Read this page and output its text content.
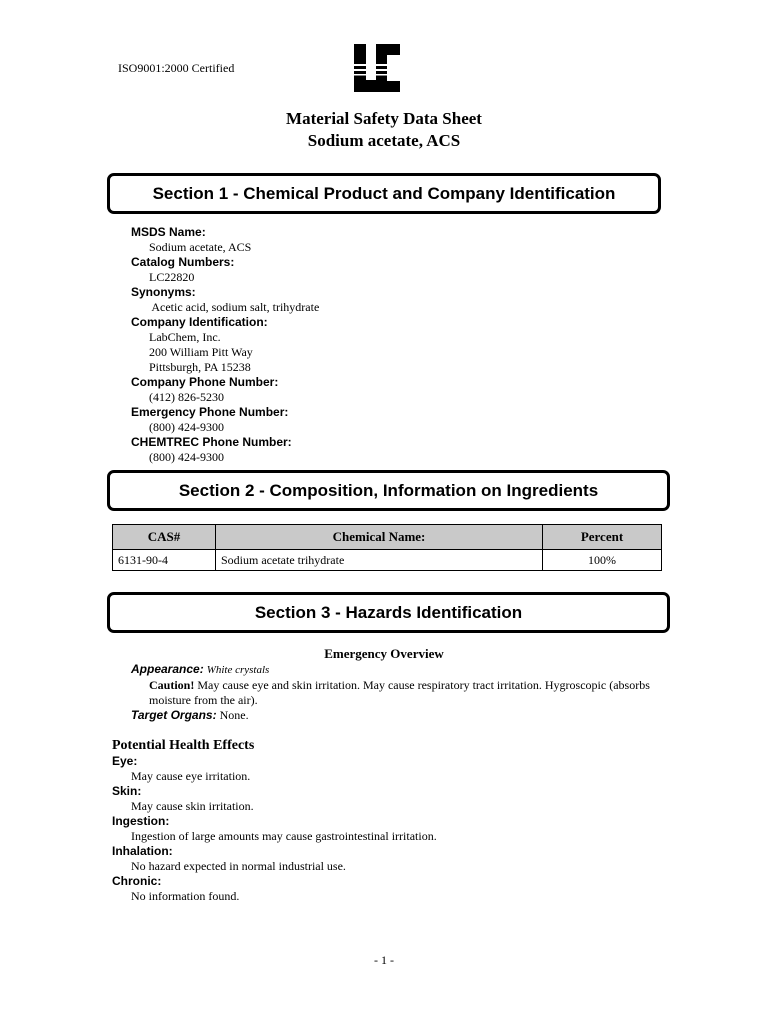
ISO9001:2000 Certified
Material Safety Data Sheet
Sodium acetate, ACS
Section 1 - Chemical Product and Company Identification
MSDS Name:
Sodium acetate, ACS
Catalog Numbers:
LC22820
Synonyms:
Acetic acid, sodium salt, trihydrate
Company Identification:
LabChem, Inc.
200 William Pitt Way
Pittsburgh, PA 15238
Company Phone Number:
(412) 826-5230
Emergency Phone Number:
(800) 424-9300
CHEMTREC Phone Number:
(800) 424-9300
Section 2 - Composition, Information on Ingredients
CAS#	Chemical Name:	Percent
6131-90-4	Sodium acetate trihydrate	100%
Section 3 - Hazards Identification
Emergency Overview
Appearance: White crystals
Caution! May cause eye and skin irritation. May cause respiratory tract irritation. Hygroscopic (absorbs moisture from the air).
Target Organs: None.
Potential Health Effects
Eye:
May cause eye irritation.
Skin:
May cause skin irritation.
Ingestion:
Ingestion of large amounts may cause gastrointestinal irritation.
Inhalation:
No hazard expected in normal industrial use.
Chronic:
No information found.
- 1 -
